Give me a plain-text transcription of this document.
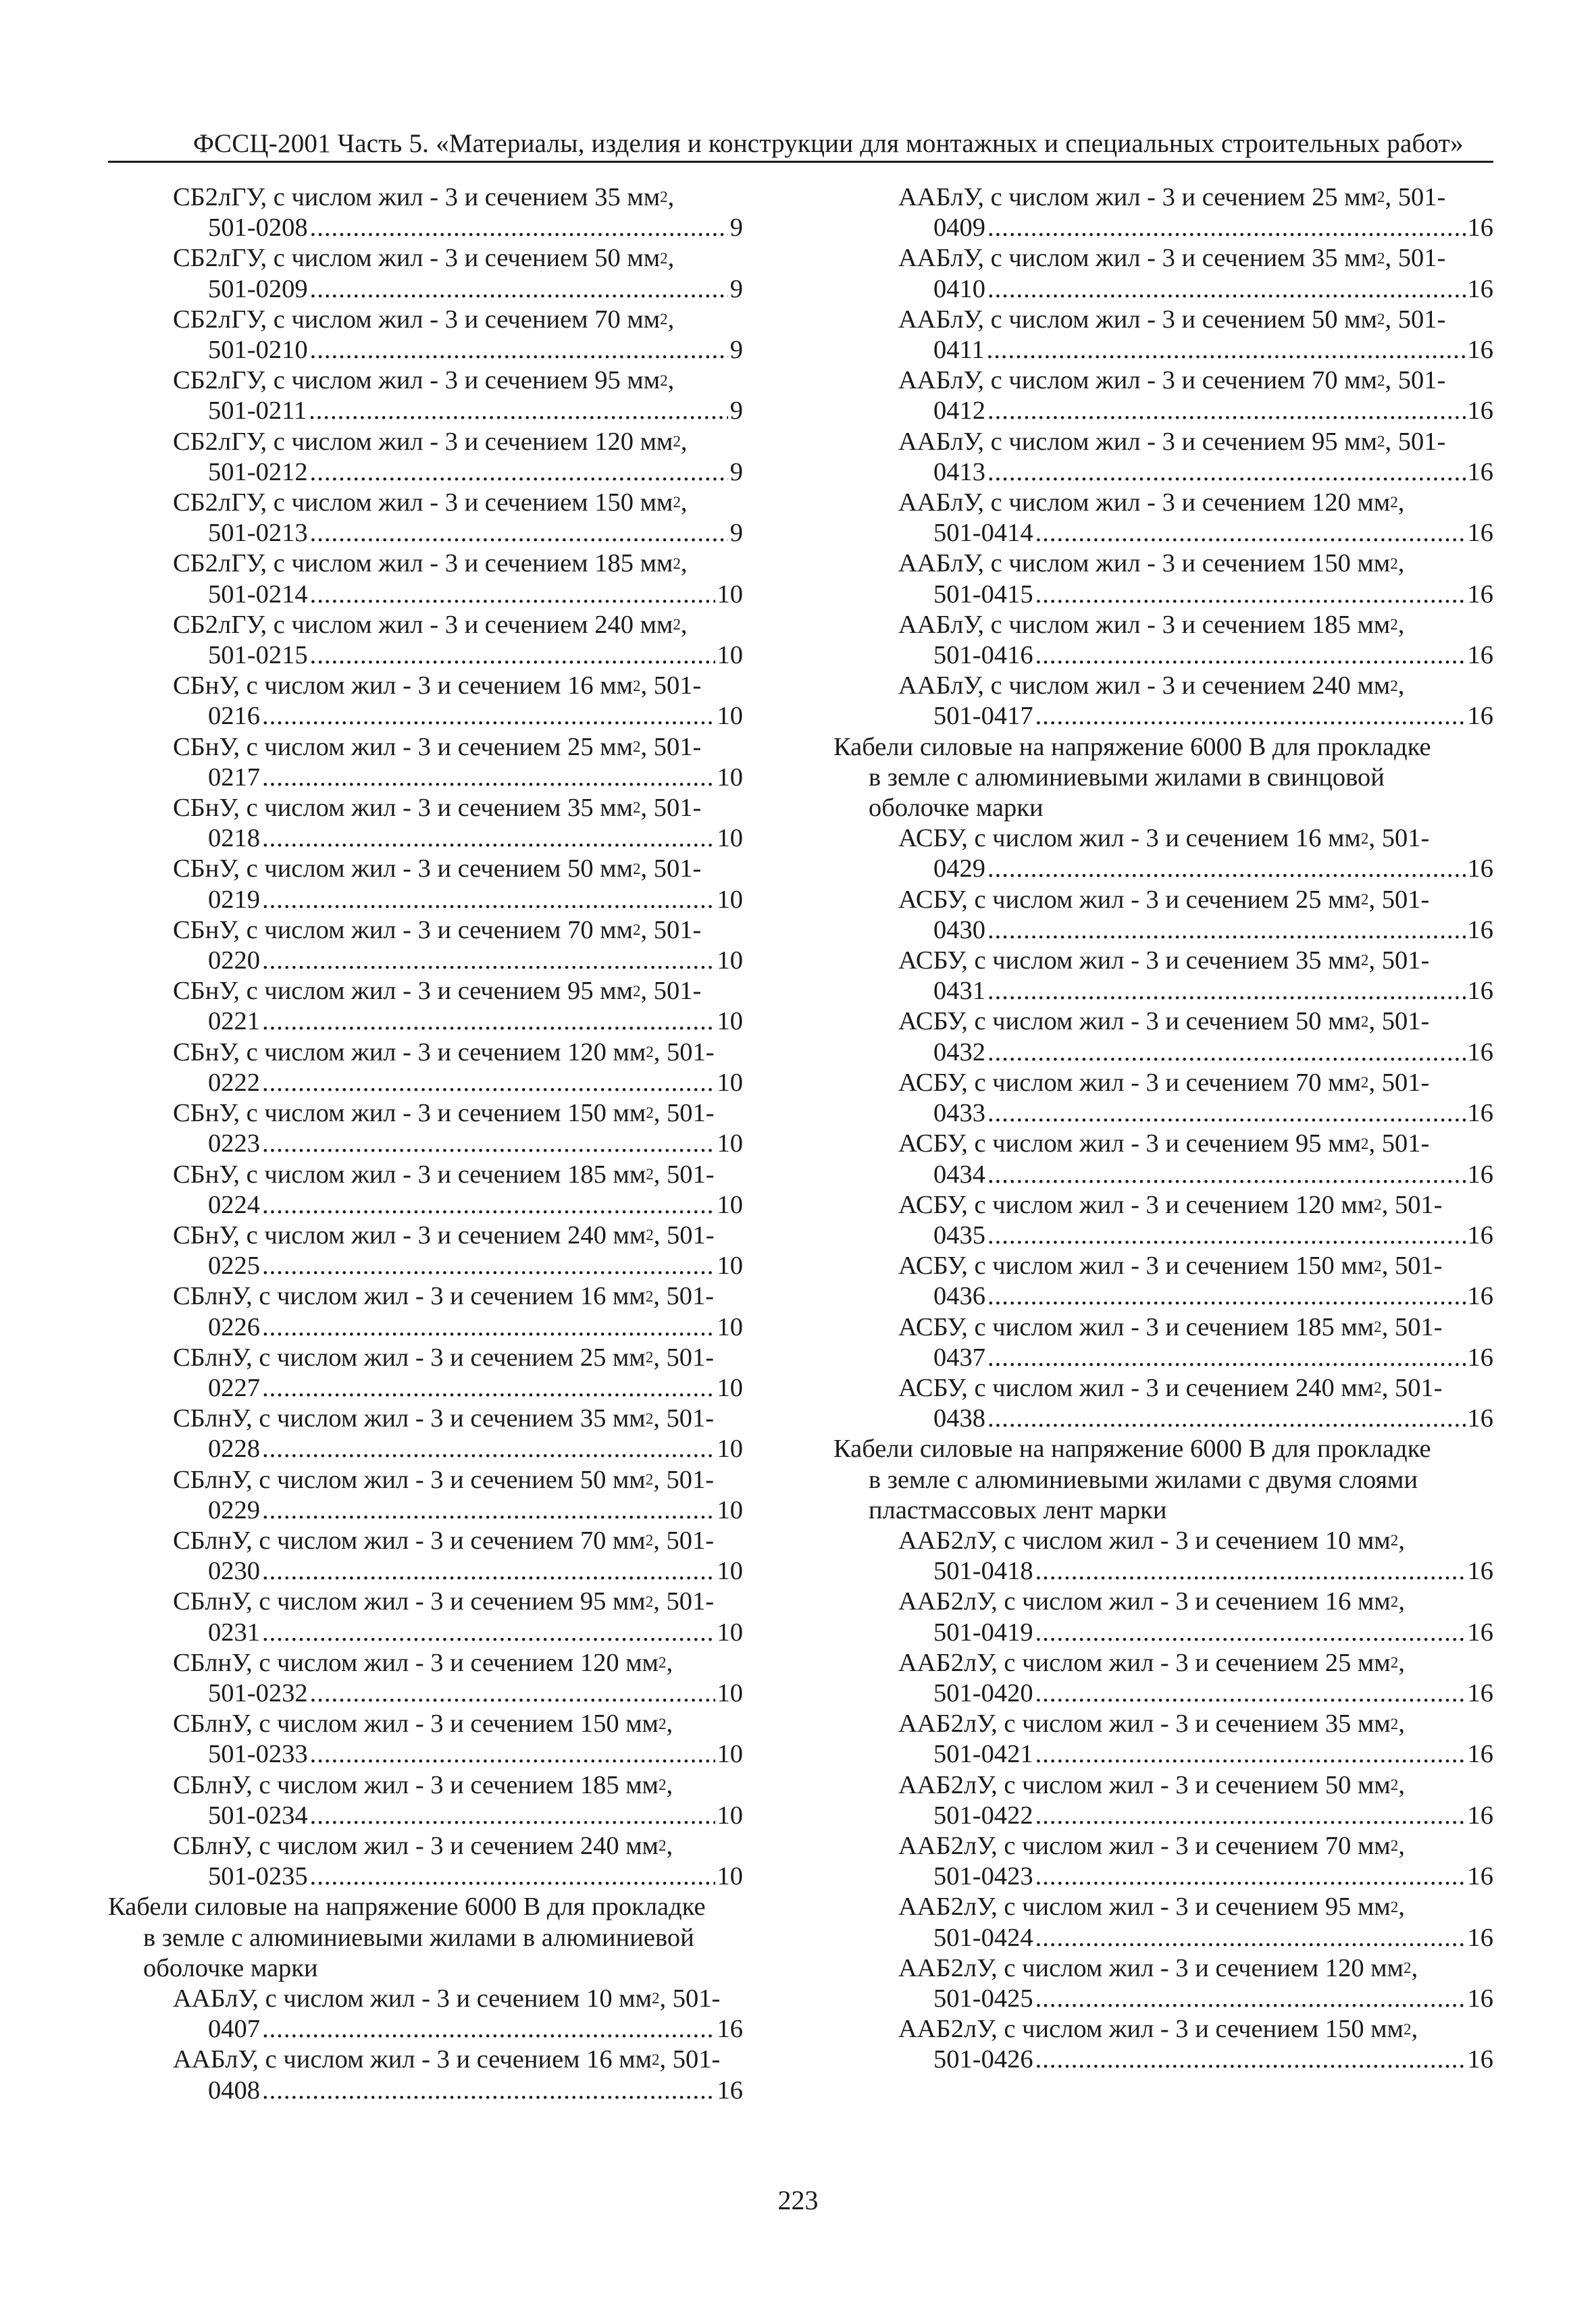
ФССЦ-2001 Часть 5. «Материалы, изделия и конструкции для монтажных и специальных строительных работ»
СБ2лГУ, с числом жил - 3 и сечением 35 $мм^2$,
501-0208 .....	9
СБ2лГУ, с числом жил - 3 и сечением 50 $мм^2$,
501-0209 .....	9
СБ2лГУ, с числом жил - 3 и сечением 70 $мм^2$,
501-0210 .....	9
СБ2лГУ, с числом жил - 3 и сечением 95 $мм^2$,
501-0211 .....	9
СБ2лГУ, с числом жил - 3 и сечением 120 $мм^2$,
501-0212 .....	9
СБ2лГУ, с числом жил - 3 и сечением 150 $мм^2$,
501-0213 .....	9
СБ2лГУ, с числом жил - 3 и сечением 185 $мм^2$,
501-0214 .....	10
СБ2лГУ, с числом жил - 3 и сечением 240 $мм^2$,
501-0215 .....	10
СБнУ, с числом жил - 3 и сечением 16 $мм^2$, 501-
0216 .....	10
СБнУ, с числом жил - 3 и сечением 25 $мм^2$, 501-
0217 .....	10
СБнУ, с числом жил - 3 и сечением 35 $мм^2$, 501-
0218 .....	10
СБнУ, с числом жил - 3 и сечением 50 $мм^2$, 501-
0219 .....	10
СБнУ, с числом жил - 3 и сечением 70 $мм^2$, 501-
0220 .....	10
СБнУ, с числом жил - 3 и сечением 95 $мм^2$, 501-
0221 .....	10
СБнУ, с числом жил - 3 и сечением 120 $мм^2$, 501-
0222 .....	10
СБнУ, с числом жил - 3 и сечением 150 $мм^2$, 501-
0223 .....	10
СБнУ, с числом жил - 3 и сечением 185 $мм^2$, 501-
0224 .....	10
СБнУ, с числом жил - 3 и сечением 240 $мм^2$, 501-
0225 .....	10
СБлнУ, с числом жил - 3 и сечением 16 $мм^2$, 501-
0226 .....	10
СБлнУ, с числом жил - 3 и сечением 25 $мм^2$, 501-
0227 .....	10
СБлнУ, с числом жил - 3 и сечением 35 $мм^2$, 501-
0228 .....	10
СБлнУ, с числом жил - 3 и сечением 50 $мм^2$, 501-
0229 .....	10
СБлнУ, с числом жил - 3 и сечением 70 $мм^2$, 501-
0230 .....	10
СБлнУ, с числом жил - 3 и сечением 95 $мм^2$, 501-
0231 .....	10
СБлнУ, с числом жил - 3 и сечением 120 $мм^2$,
501-0232 .....	10
СБлнУ, с числом жил - 3 и сечением 150 $мм^2$,
501-0233 .....	10
СБлнУ, с числом жил - 3 и сечением 185 $мм^2$,
501-0234 .....	10
СБлнУ, с числом жил - 3 и сечением 240 $мм^2$,
501-0235 .....	10
Кабели силовые на напряжение 6000 В для прокладке
в земле с алюминиевыми жилами в алюминиевой
оболочке марки
ААБлУ, с числом жил - 3 и сечением 10 $мм^2$, 501-
0407 .....	16
ААБлУ, с числом жил - 3 и сечением 16 $мм^2$, 501-
0408 .....	16
ААБлУ, с числом жил - 3 и сечением 25 $мм^2$, 501-
0409 .....	16
ААБлУ, с числом жил - 3 и сечением 35 $мм^2$, 501-
0410 .....	16
ААБлУ, с числом жил - 3 и сечением 50 $мм^2$, 501-
0411 .....	16
ААБлУ, с числом жил - 3 и сечением 70 $мм^2$, 501-
0412 .....	16
ААБлУ, с числом жил - 3 и сечением 95 $мм^2$, 501-
0413 .....	16
ААБлУ, с числом жил - 3 и сечением 120 $мм^2$,
501-0414 .....	16
ААБлУ, с числом жил - 3 и сечением 150 $мм^2$,
501-0415 .....	16
ААБлУ, с числом жил - 3 и сечением 185 $мм^2$,
501-0416 .....	16
ААБлУ, с числом жил - 3 и сечением 240 $мм^2$,
501-0417 .....	16
Кабели силовые на напряжение 6000 В для прокладке
в земле с алюминиевыми жилами в свинцовой
оболочке марки
АСБУ, с числом жил - 3 и сечением 16 $мм^2$, 501-
0429 .....	16
АСБУ, с числом жил - 3 и сечением 25 $мм^2$, 501-
0430 .....	16
АСБУ, с числом жил - 3 и сечением 35 $мм^2$, 501-
0431 .....	16
АСБУ, с числом жил - 3 и сечением 50 $мм^2$, 501-
0432 .....	16
АСБУ, с числом жил - 3 и сечением 70 $мм^2$, 501-
0433 .....	16
АСБУ, с числом жил - 3 и сечением 95 $мм^2$, 501-
0434 .....	16
АСБУ, с числом жил - 3 и сечением 120 $мм^2$, 501-
0435 .....	16
АСБУ, с числом жил - 3 и сечением 150 $мм^2$, 501-
0436 .....	16
АСБУ, с числом жил - 3 и сечением 185 $мм^2$, 501-
0437 .....	16
АСБУ, с числом жил - 3 и сечением 240 $мм^2$, 501-
0438 .....	16
Кабели силовые на напряжение 6000 В для прокладке
в земле с алюминиевыми жилами с двумя слоями
пластмассовых лент марки
ААБ2лУ, с числом жил - 3 и сечением 10 $мм^2$,
501-0418 .....	16
ААБ2лУ, с числом жил - 3 и сечением 16 $мм^2$,
501-0419 .....	16
ААБ2лУ, с числом жил - 3 и сечением 25 $мм^2$,
501-0420 .....	16
ААБ2лУ, с числом жил - 3 и сечением 35 $мм^2$,
501-0421 .....	16
ААБ2лУ, с числом жил - 3 и сечением 50 $мм^2$,
501-0422 .....	16
ААБ2лУ, с числом жил - 3 и сечением 70 $мм^2$,
501-0423 .....	16
ААБ2лУ, с числом жил - 3 и сечением 95 $мм^2$,
501-0424 .....	16
ААБ2лУ, с числом жил - 3 и сечением 120 $мм^2$,
501-0425 .....	16
ААБ2лУ, с числом жил - 3 и сечением 150 $мм^2$,
501-0426 .....	16
223
